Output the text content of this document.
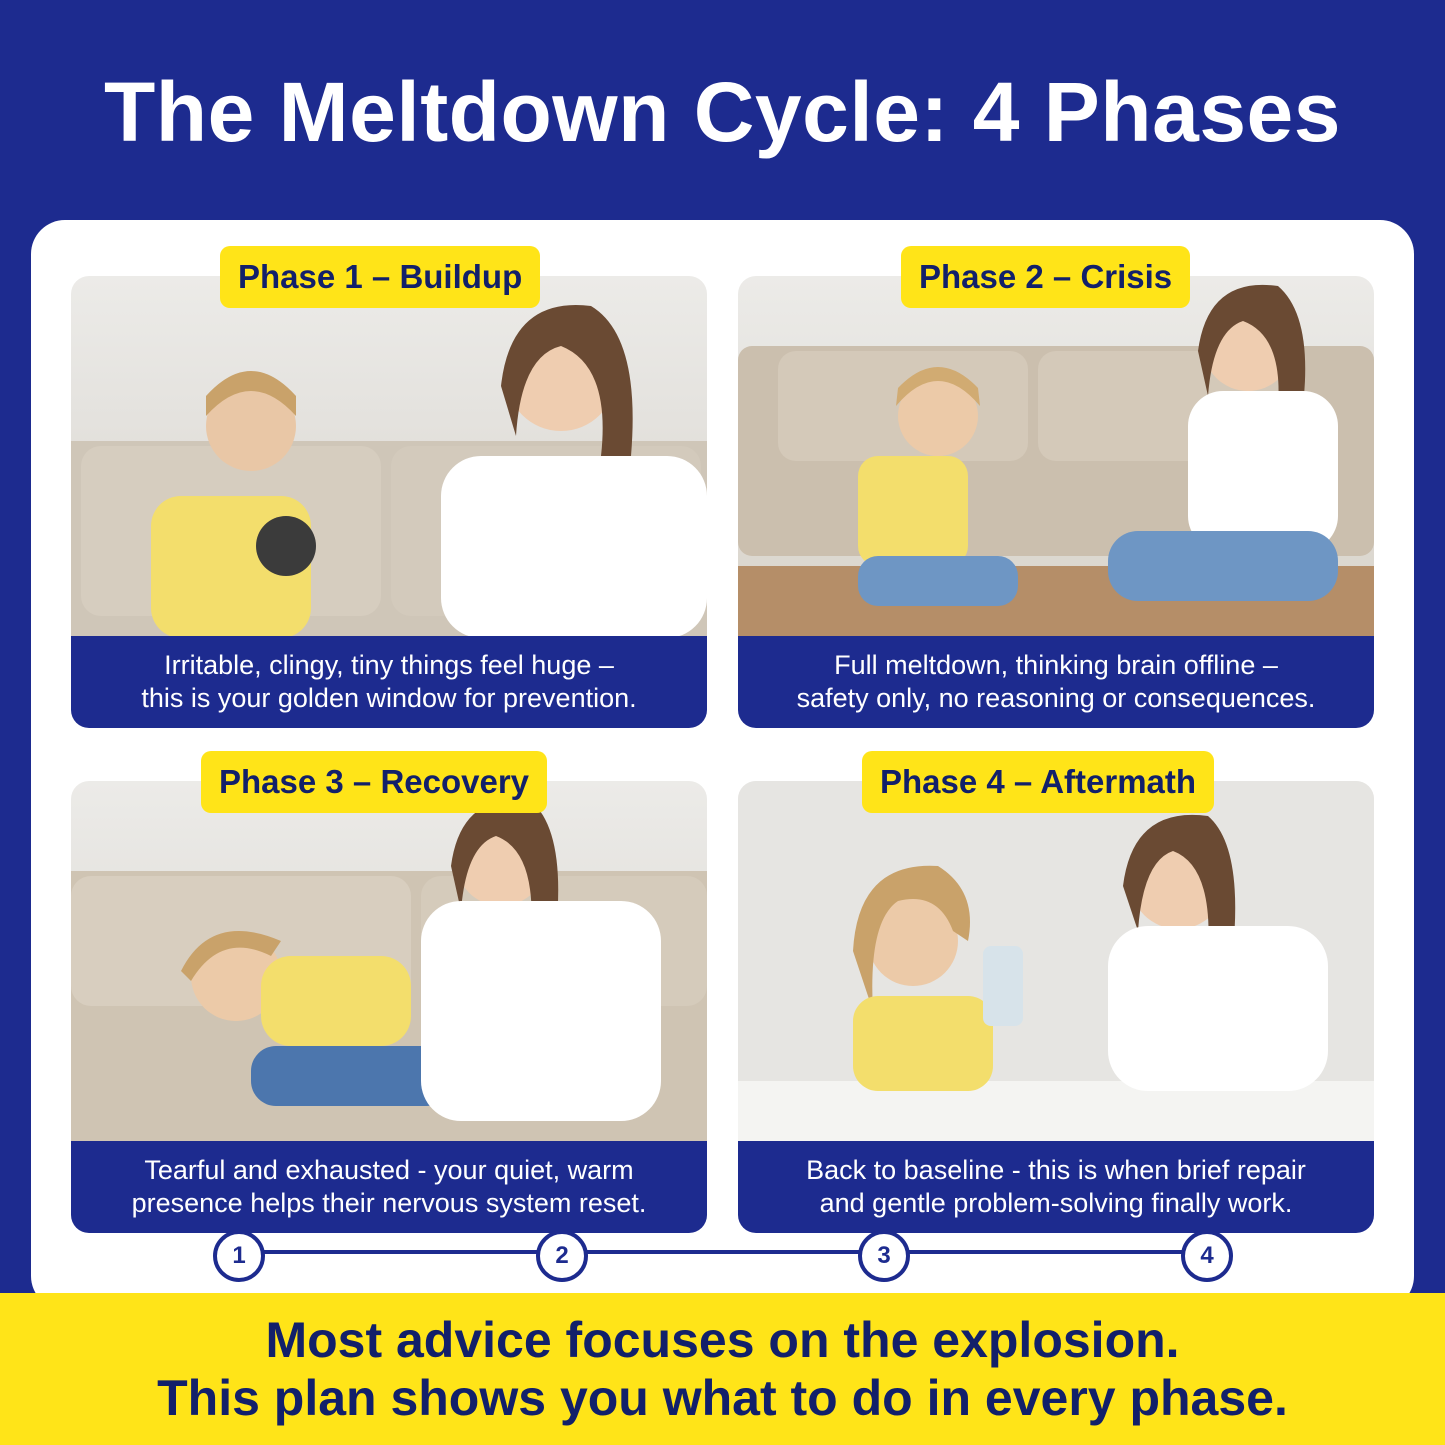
The Meltdown Cycle: 4 Phases
Irritable, clingy, tiny things feel huge –
this is your golden window for prevention.
Phase 1 – Buildup
Full meltdown, thinking brain offline –
safety only, no reasoning or consequences.
Phase 2 – Crisis
Tearful and exhausted - your quiet, warm
presence helps their nervous system reset.
Phase 3 – Recovery
Back to baseline - this is when brief repair
and gentle problem-solving finally work.
Phase 4 – Aftermath
1	2	3	4
Most advice focuses on the explosion.
This plan shows you what to do in every phase.
